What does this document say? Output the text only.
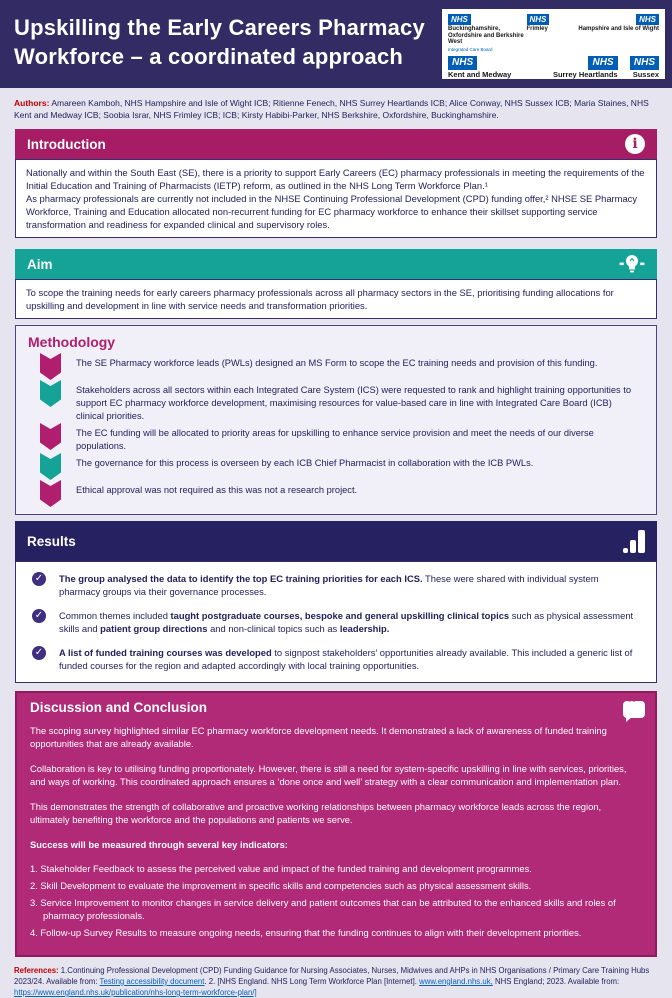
Upskilling the Early Careers Pharmacy
Workforce – a coordinated approach
NHS
Buckinghamshire, Oxfordshire and Berkshire West
Integrated Care Board
NHS
Frimley
NHS
Hampshire and Isle of Wight
NHS
Kent and Medway
NHS
Surrey Heartlands
NHS
Sussex
Authors: Amareen Kamboh, NHS Hampshire and Isle of Wight ICB; Ritienne Fenech, NHS Surrey Heartlands ICB; Alice Conway, NHS Sussex ICB; Maria Staines, NHS Kent and Medway ICB; Soobia Israr, NHS Frimley ICB; ICB; Kirsty Habibi-Parker, NHS Berkshire, Oxfordshire, Buckinghamshire.
Introduction	i
Nationally and within the South East (SE), there is a priority to support Early Careers (EC) pharmacy professionals in meeting the requirements of the Initial Education and Training of Pharmacists (IETP) reform, as outlined in the NHS Long Term Workforce Plan.¹
As pharmacy professionals are currently not included in the NHSE Continuing Professional Development (CPD) funding offer,² NHSE SE Pharmacy Workforce, Training and Education allocated non-recurrent funding for EC pharmacy workforce to enhance their skillset supporting service transformation and readiness for expanded clinical and supervisory roles.
Aim
To scope the training needs for early careers pharmacy professionals across all pharmacy sectors in the SE, prioritising funding allocations for upskilling and development in line with service needs and transformation priorities.
Methodology
The SE Pharmacy workforce leads (PWLs) designed an MS Form to scope the EC training needs and provision of this funding.
Stakeholders across all sectors within each Integrated Care System (ICS) were requested to rank and highlight training opportunities to support EC pharmacy workforce development, maximising resources for value-based care in line with Integrated Care Board (ICB) clinical priorities.
The EC funding will be allocated to priority areas for upskilling to enhance service provision and meet the needs of our diverse populations.
The governance for this process is overseen by each ICB Chief Pharmacist in collaboration with the ICB PWLs.
Ethical approval was not required as this was not a research project.
Results
✓ The group analysed the data to identify the top EC training priorities for each ICS. These were shared with individual system pharmacy groups via their governance processes.
✓ Common themes included taught postgraduate courses, bespoke and general upskilling clinical topics such as physical assessment skills and patient group directions and non-clinical topics such as leadership.
✓ A list of funded training courses was developed to signpost stakeholders’ opportunities already available. This included a generic list of funded courses for the region and adapted accordingly with local training opportunities.
“
Discussion and Conclusion

The scoping survey highlighted similar EC pharmacy workforce development needs. It demonstrated a lack of awareness of funded training opportunities that are already available.

Collaboration is key to utilising funding proportionately. However, there is still a need for system-specific upskilling in line with services, priorities, and ways of working. This coordinated approach ensures a ‘done once and well’ strategy with a clear communication and implementation plan.

This demonstrates the strength of collaborative and proactive working relationships between pharmacy workforce leads across the region, ultimately benefiting the workforce and the populations and patients we serve.

Success will be measured through several key indicators:
1. Stakeholder Feedback to assess the perceived value and impact of the funded training and development programmes.
2. Skill Development to evaluate the improvement in specific skills and competencies such as physical assessment skills.
3. Service Improvement to monitor changes in service delivery and patient outcomes that can be attributed to the enhanced skills and roles of pharmacy professionals.
4. Follow-up Survey Results to measure ongoing needs, ensuring that the funding continues to align with their development priorities.
References: 1.Continuing Professional Development (CPD) Funding Guidance for Nursing Associates, Nurses, Midwives and AHPs in NHS Organisations / Primary Care Training Hubs 2023/24. Available from: Testing accessibility document. 2. [NHS England. NHS Long Term Workforce Plan [Internet]. www.england.nhs.uk, NHS England; 2023. Available from: https://www.england.nhs.uk/publication/nhs-long-term-workforce-plan/]
